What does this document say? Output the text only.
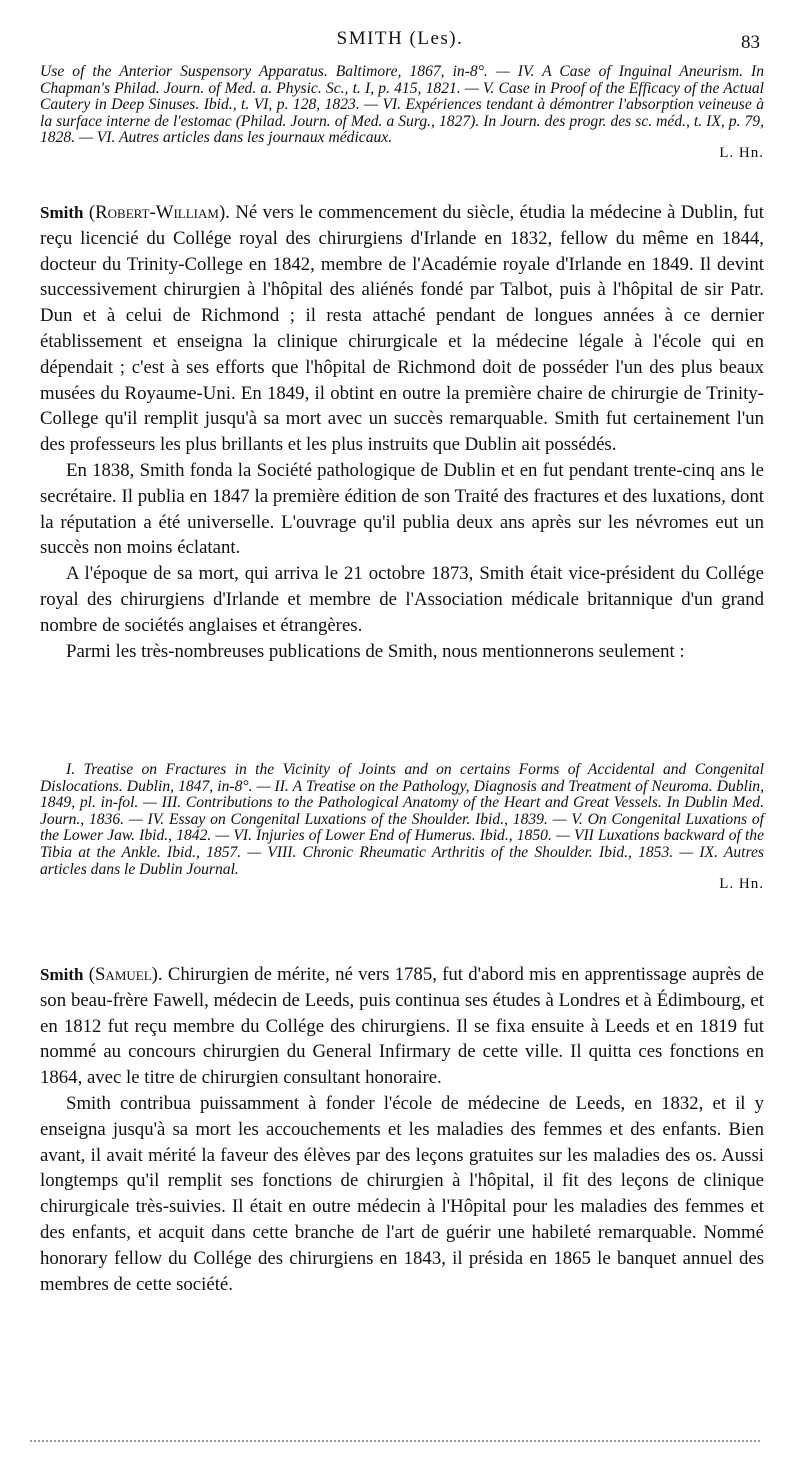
SMITH (Les).	83

Use of the Anterior Suspensory Apparatus. Baltimore, 1867, in-8°. — IV. A Case of Inguinal Aneurism. In Chapman's Philad. Journ. of Med. a. Physic. Sc., t. I, p. 415, 1821. — V. Case in Proof of the Efficacy of the Actual Cautery in Deep Sinuses. Ibid., t. VI, p. 128, 1823. — VI. Expériences tendant à démontrer l'absorption veineuse à la surface interne de l'estomac (Philad. Journ. of Med. a Surg., 1827). In Journ. des progr. des sc. méd., t. IX, p. 79, 1828. — VI. Autres articles dans les journaux médicaux.

L. Hn.

Smith (Robert-William). Né vers le commencement du siècle, étudia la médecine à Dublin, fut reçu licencié du Collége royal des chirurgiens d'Irlande en 1832, fellow du même en 1844, docteur du Trinity-College en 1842, membre de l'Académie royale d'Irlande en 1849. Il devint successivement chirurgien à l'hôpital des aliénés fondé par Talbot, puis à l'hôpital de sir Patr. Dun et à celui de Richmond ; il resta attaché pendant de longues années à ce dernier établissement et enseigna la clinique chirurgicale et la médecine légale à l'école qui en dépendait ; c'est à ses efforts que l'hôpital de Richmond doit de posséder l'un des plus beaux musées du Royaume-Uni. En 1849, il obtint en outre la première chaire de chirurgie de Trinity-College qu'il remplit jusqu'à sa mort avec un succès remarquable. Smith fut certainement l'un des professeurs les plus brillants et les plus instruits que Dublin ait possédés.

En 1838, Smith fonda la Société pathologique de Dublin et en fut pendant trente-cinq ans le secrétaire. Il publia en 1847 la première édition de son Traité des fractures et des luxations, dont la réputation a été universelle. L'ouvrage qu'il publia deux ans après sur les névromes eut un succès non moins éclatant.

A l'époque de sa mort, qui arriva le 21 octobre 1873, Smith était vice-président du Collége royal des chirurgiens d'Irlande et membre de l'Association médicale britannique d'un grand nombre de sociétés anglaises et étrangères.

Parmi les très-nombreuses publications de Smith, nous mentionnerons seulement :

I. Treatise on Fractures in the Vicinity of Joints and on certains Forms of Accidental and Congenital Dislocations. Dublin, 1847, in-8°. — II. A Treatise on the Pathology, Diagnosis and Treatment of Neuroma. Dublin, 1849, pl. in-fol. — III. Contributions to the Pathological Anatomy of the Heart and Great Vessels. In Dublin Med. Journ., 1836. — IV. Essay on Congenital Luxations of the Shoulder. Ibid., 1839. — V. On Congenital Luxations of the Lower Jaw. Ibid., 1842. — VI. Injuries of Lower End of Humerus. Ibid., 1850. — VII Luxations backward of the Tibia at the Ankle. Ibid., 1857. — VIII. Chronic Rheumatic Arthritis of the Shoulder. Ibid., 1853. — IX. Autres articles dans le Dublin Journal.

L. Hn.

Smith (Samuel). Chirurgien de mérite, né vers 1785, fut d'abord mis en apprentissage auprès de son beau-frère Fawell, médecin de Leeds, puis continua ses études à Londres et à Édimbourg, et en 1812 fut reçu membre du Collége des chirurgiens. Il se fixa ensuite à Leeds et en 1819 fut nommé au concours chirurgien du General Infirmary de cette ville. Il quitta ces fonctions en 1864, avec le titre de chirurgien consultant honoraire.

Smith contribua puissamment à fonder l'école de médecine de Leeds, en 1832, et il y enseigna jusqu'à sa mort les accouchements et les maladies des femmes et des enfants. Bien avant, il avait mérité la faveur des élèves par des leçons gratuites sur les maladies des os. Aussi longtemps qu'il remplit ses fonctions de chirurgien à l'hôpital, il fit des leçons de clinique chirurgicale très-suivies. Il était en outre médecin à l'Hôpital pour les maladies des femmes et des enfants, et acquit dans cette branche de l'art de guérir une habileté remarquable. Nommé honorary fellow du Collége des chirurgiens en 1843, il présida en 1865 le banquet annuel des membres de cette société.
